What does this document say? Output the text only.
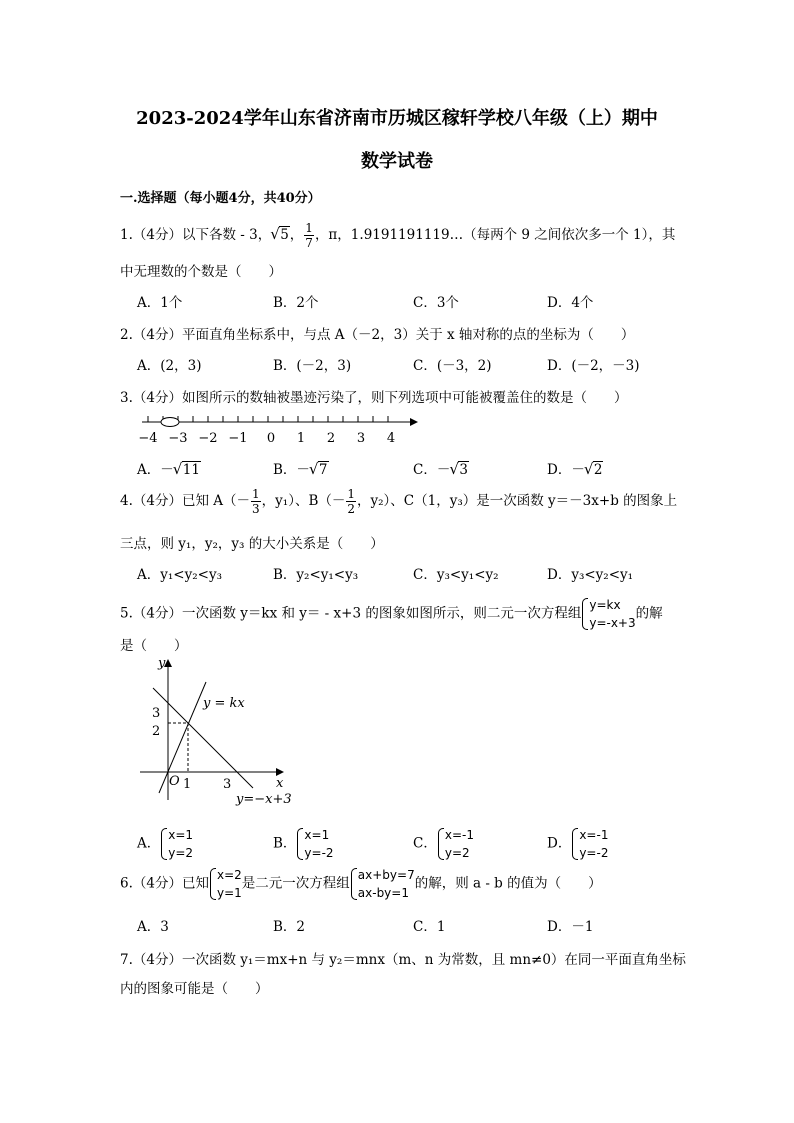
2023-2024学年山东省济南市历城区稼轩学校八年级（上）期中
数学试卷
一.选择题（每小题4分，共40分）
1.（4分）以下各数 - 3， √ 5， $\frac{1}{7}$ ，π，1.9191191119…（每两个 9 之间依次多一个 1），其
中无理数的个数是（　　）
A．1个	B．2个	C．3个	D．4个
2.（4分）平面直角坐标系中，与点 A（－2，3）关于 x 轴对称的点的坐标为（　　）
A．(2，3)	B．(－2，3)	C．(－3，2)	D．(－2，－3)
3.（4分）如图所示的数轴被墨迹污染了，则下列选项中可能被覆盖住的数是（　　）
−4 −3 −2 −1 0 1 2 3 4
A．－ √ 11	B．－ √ 7	C．－ √ 3	D．－ √ 2
4.（4分）已知 $A(- \frac{1}{3}$ ，y₁）、$B(- \frac{1}{2}$ ，y₂）、C（1，y₃）是一次函数 y＝－3x+b 的图象上
三点，则 y₁，y₂，y₃ 的大小关系是（　　）
A．y₁<y₂<y₃	B．y₂<y₁<y₃	C．y₃<y₁<y₂	D．y₃<y₂<y₁
5.（4分）一次函数 y＝kx 和 y＝ - x+3 的图象如图所示，则二元一次方程组
y=kx
y=-x+3
的解
是（　　）
y
x
O
3
2
1 3
y = kx
y=−x+3
A．
x=1
y=2
B．
x=1
y=-2
C．
x=-1
y=2
D．
x=-1
y=-2
6.（4分）已知
x=2
y=1
是二元一次方程组
ax+by=7
ax-by=1
的解，则 a - b 的值为（　　）
A．3	B．2	C．1	D．－1
7.（4分）一次函数 y₁＝mx+n 与 y₂＝mnx（m、n 为常数，且 mn≠0）在同一平面直角坐标
内的图象可能是（　　）
